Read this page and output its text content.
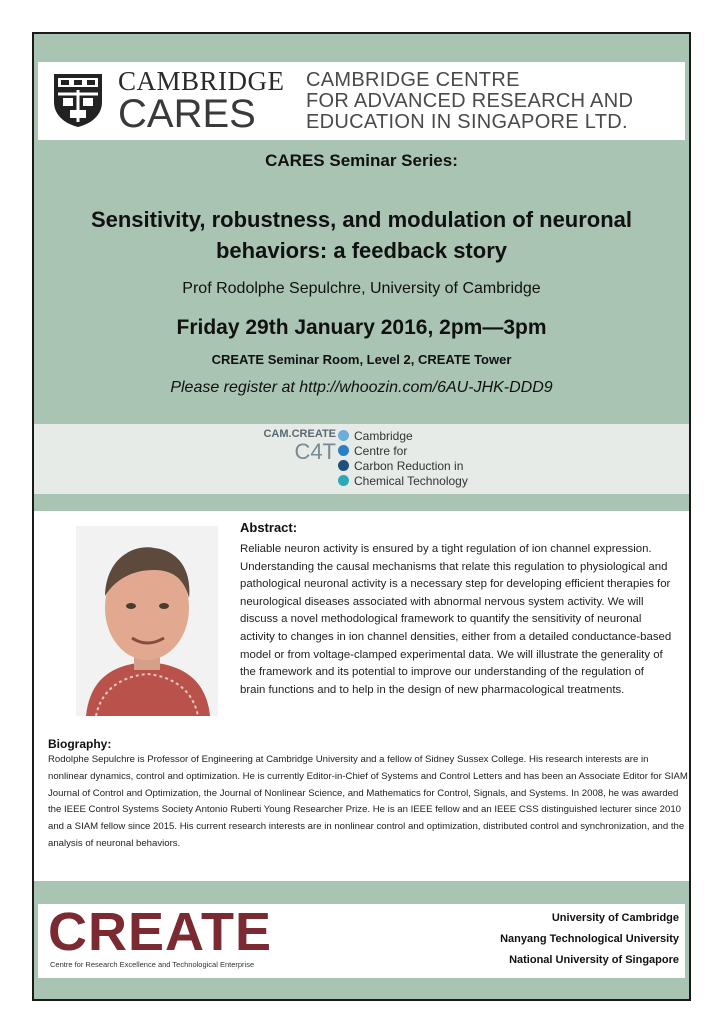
CAMBRIDGE
CARES
CAMBRIDGE CENTRE
FOR ADVANCED RESEARCH AND
EDUCATION IN SINGAPORE LTD.
CARES Seminar Series:
Sensitivity, robustness, and modulation of neuronal behaviors: a feedback story
Prof Rodolphe Sepulchre, University of Cambridge
Friday 29th January 2016, 2pm—3pm
CREATE Seminar Room, Level 2, CREATE Tower
Please register at http://whoozin.com/6AU-JHK-DDD9
CAM.CREATE
C4T
Cambridge
Centre for
Carbon Reduction in
Chemical Technology
Abstract:
Reliable neuron activity is ensured by a tight regulation of ion channel expression. Understanding the causal mechanisms that relate this regulation to physiological and pathological neuronal activity is a necessary step for developing efficient therapies for neurological diseases associated with abnormal nervous system activity. We will discuss a novel methodological framework to quantify the sensitivity of neuronal activity to changes in ion channel densities, either from a detailed conductance-based model or from voltage-clamped experimental data. We will illustrate the generality of the framework and its potential to improve our understanding of the regulation of brain functions and to help in the design of new pharmacological treatments.
Biography:
Rodolphe Sepulchre is Professor of Engineering at Cambridge University and a fellow of Sidney Sussex College. His research interests are in nonlinear dynamics, control and optimization. He is currently Editor-in-Chief of Systems and Control Letters and has been an Associate Editor for SIAM Journal of Control and Optimization, the Journal of Nonlinear Science, and Mathematics for Control, Signals, and Systems. In 2008, he was awarded the IEEE Control Systems Society Antonio Ruberti Young Researcher Prize. He is an IEEE fellow and an IEEE CSS distinguished lecturer since 2010 and a SIAM fellow since 2015. His current research interests are in nonlinear control and optimization, distributed control and synchronization, and the analysis of neuronal behaviors.
CREATE
Centre for Research Excellence and Technological Enterprise
University of Cambridge
Nanyang Technological University
National University of Singapore
